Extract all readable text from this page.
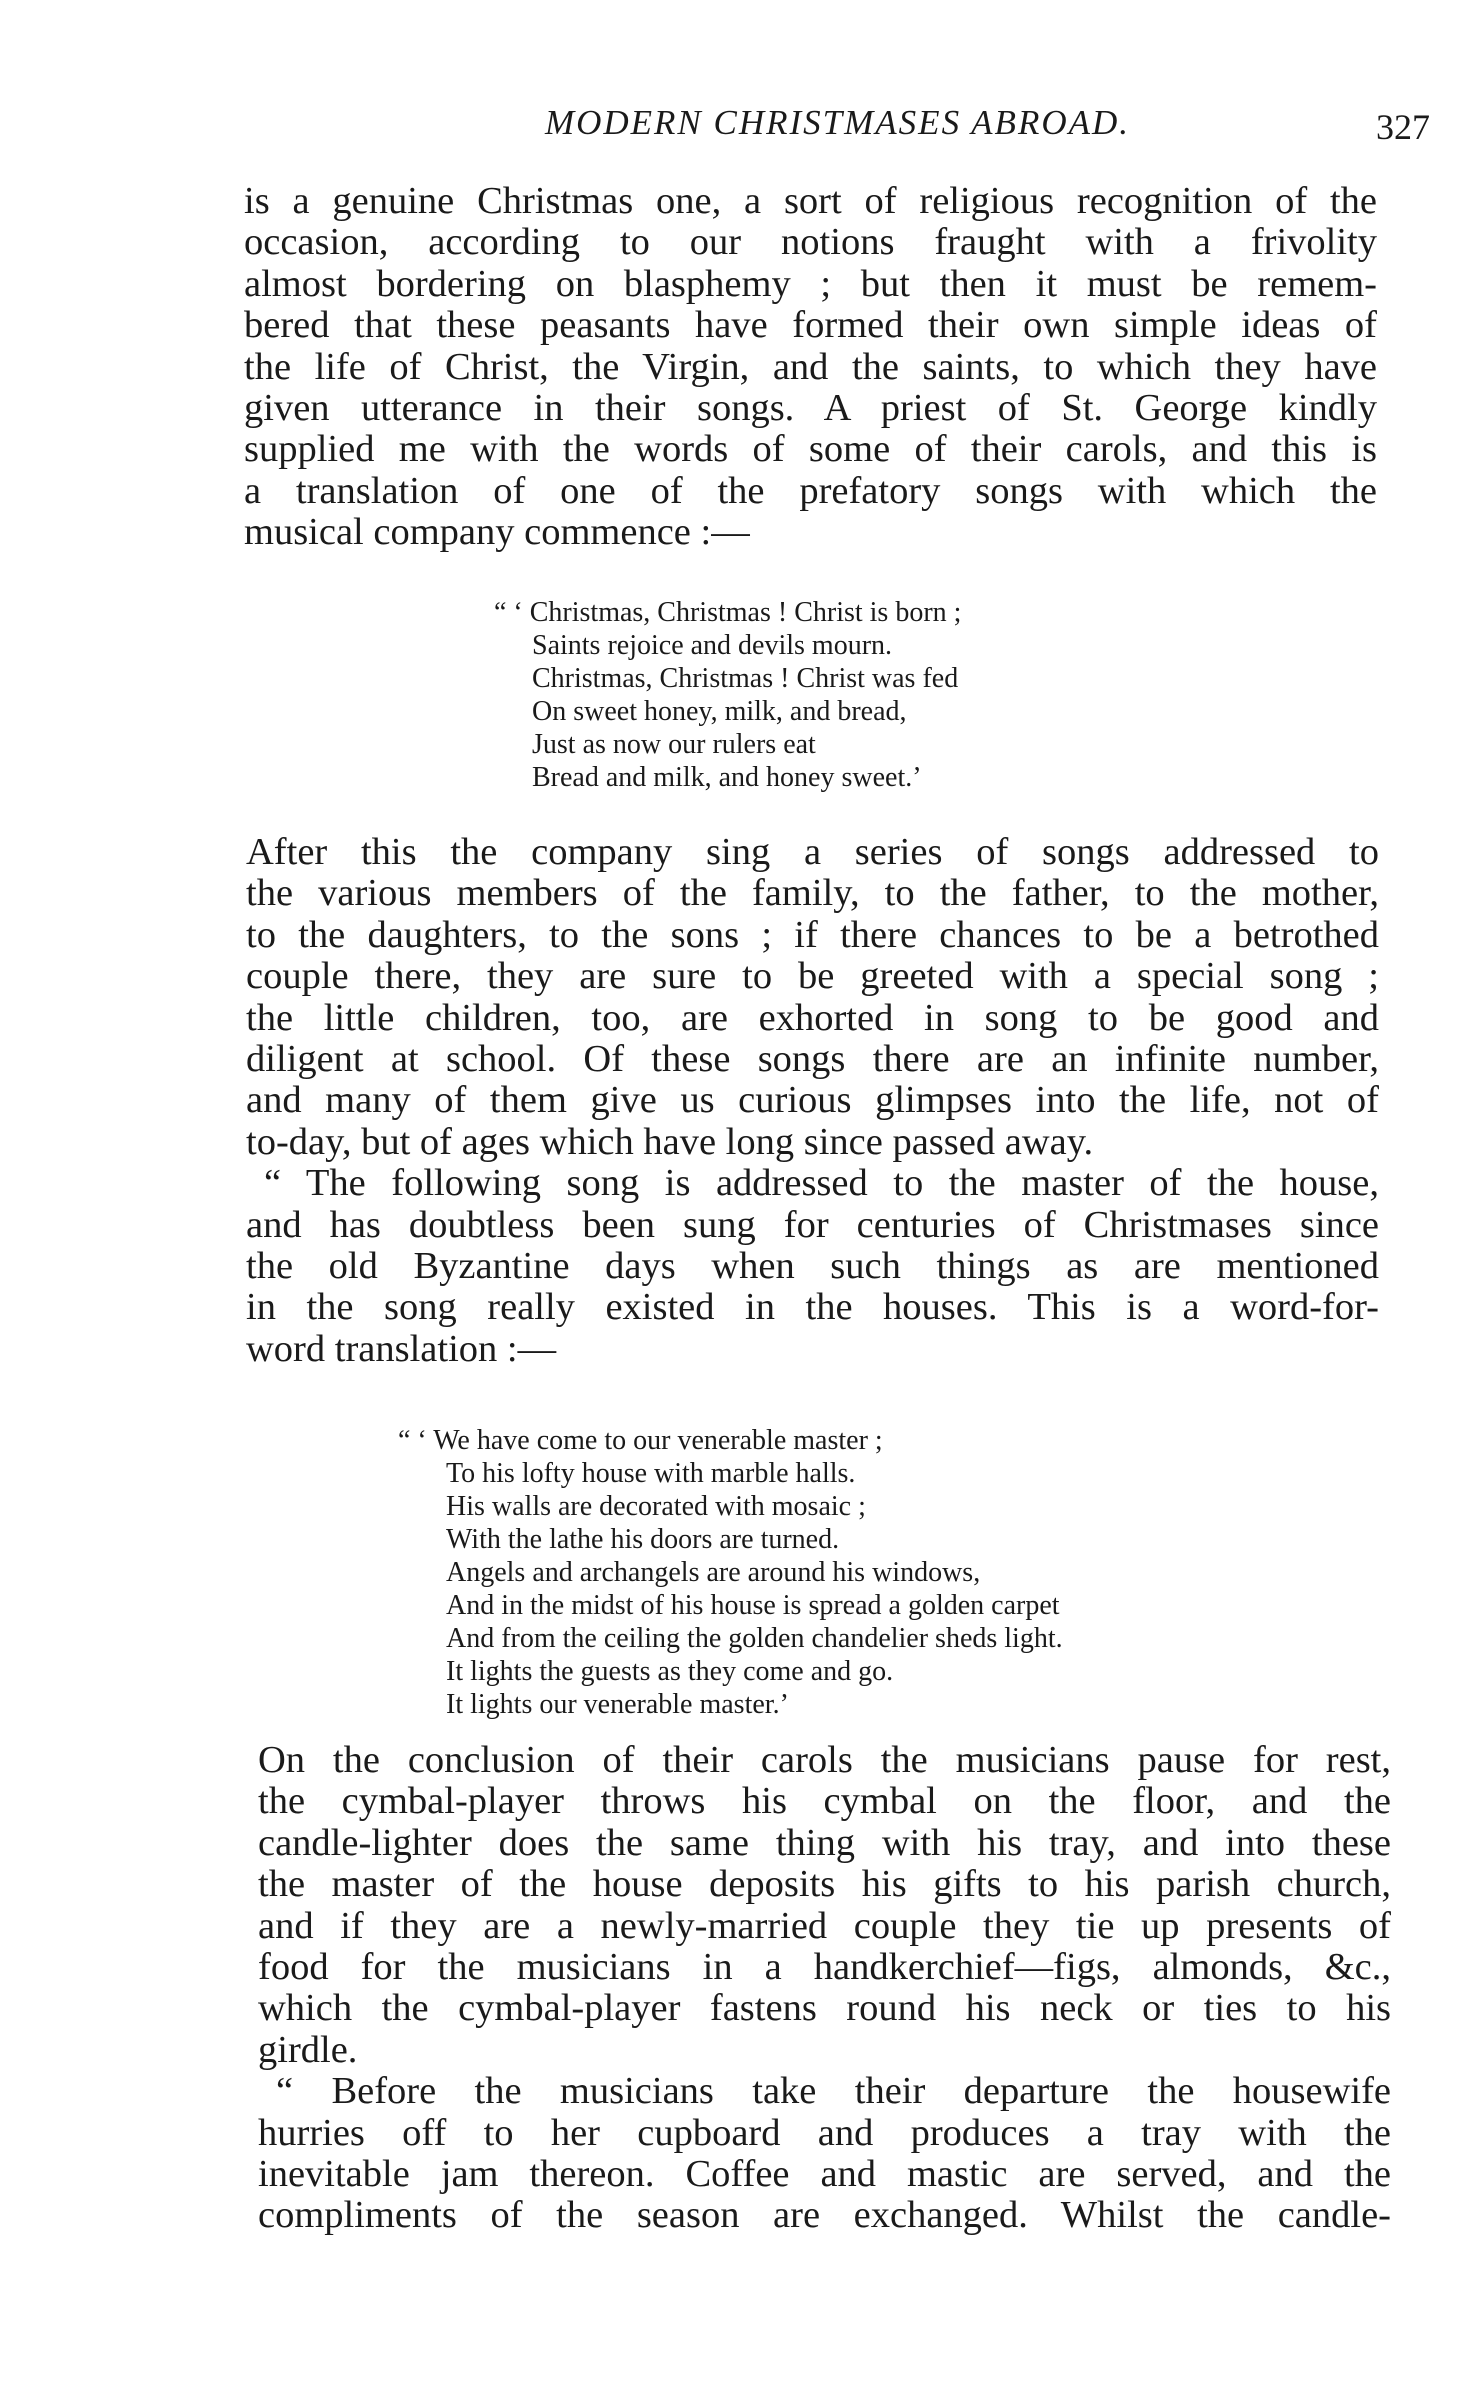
MODERN CHRISTMASES ABROAD.	327
is a genuine Christmas one, a sort of religious recognition of the
occasion, according to our notions fraught with a frivolity
almost bordering on blasphemy ; but then it must be remem-
bered that these peasants have formed their own simple ideas of
the life of Christ, the Virgin, and the saints, to which they have
given utterance in their songs. A priest of St. George kindly
supplied me with the words of some of their carols, and this is
a translation of one of the prefatory songs with which the
musical company commence :—
“ ‘ Christmas, Christmas ! Christ is born ;
Saints rejoice and devils mourn.
Christmas, Christmas ! Christ was fed
On sweet honey, milk, and bread,
Just as now our rulers eat
Bread and milk, and honey sweet.’
After this the company sing a series of songs addressed to
the various members of the family, to the father, to the mother,
to the daughters, to the sons ; if there chances to be a betrothed
couple there, they are sure to be greeted with a special song ;
the little children, too, are exhorted in song to be good and
diligent at school. Of these songs there are an infinite number,
and many of them give us curious glimpses into the life, not of
to-day, but of ages which have long since passed away.
“ The following song is addressed to the master of the house,
and has doubtless been sung for centuries of Christmases since
the old Byzantine days when such things as are mentioned
in the song really existed in the houses. This is a word-for-
word translation :—
“ ‘ We have come to our venerable master ;
To his lofty house with marble halls.
His walls are decorated with mosaic ;
With the lathe his doors are turned.
Angels and archangels are around his windows,
And in the midst of his house is spread a golden carpet
And from the ceiling the golden chandelier sheds light.
It lights the guests as they come and go.
It lights our venerable master.’
On the conclusion of their carols the musicians pause for rest,
the cymbal-player throws his cymbal on the floor, and the
candle-lighter does the same thing with his tray, and into these
the master of the house deposits his gifts to his parish church,
and if they are a newly-married couple they tie up presents of
food for the musicians in a handkerchief—figs, almonds, &c.,
which the cymbal-player fastens round his neck or ties to his
girdle.
“ Before the musicians take their departure the housewife
hurries off to her cupboard and produces a tray with the
inevitable jam thereon. Coffee and mastic are served, and the
compliments of the season are exchanged. Whilst the candle-
